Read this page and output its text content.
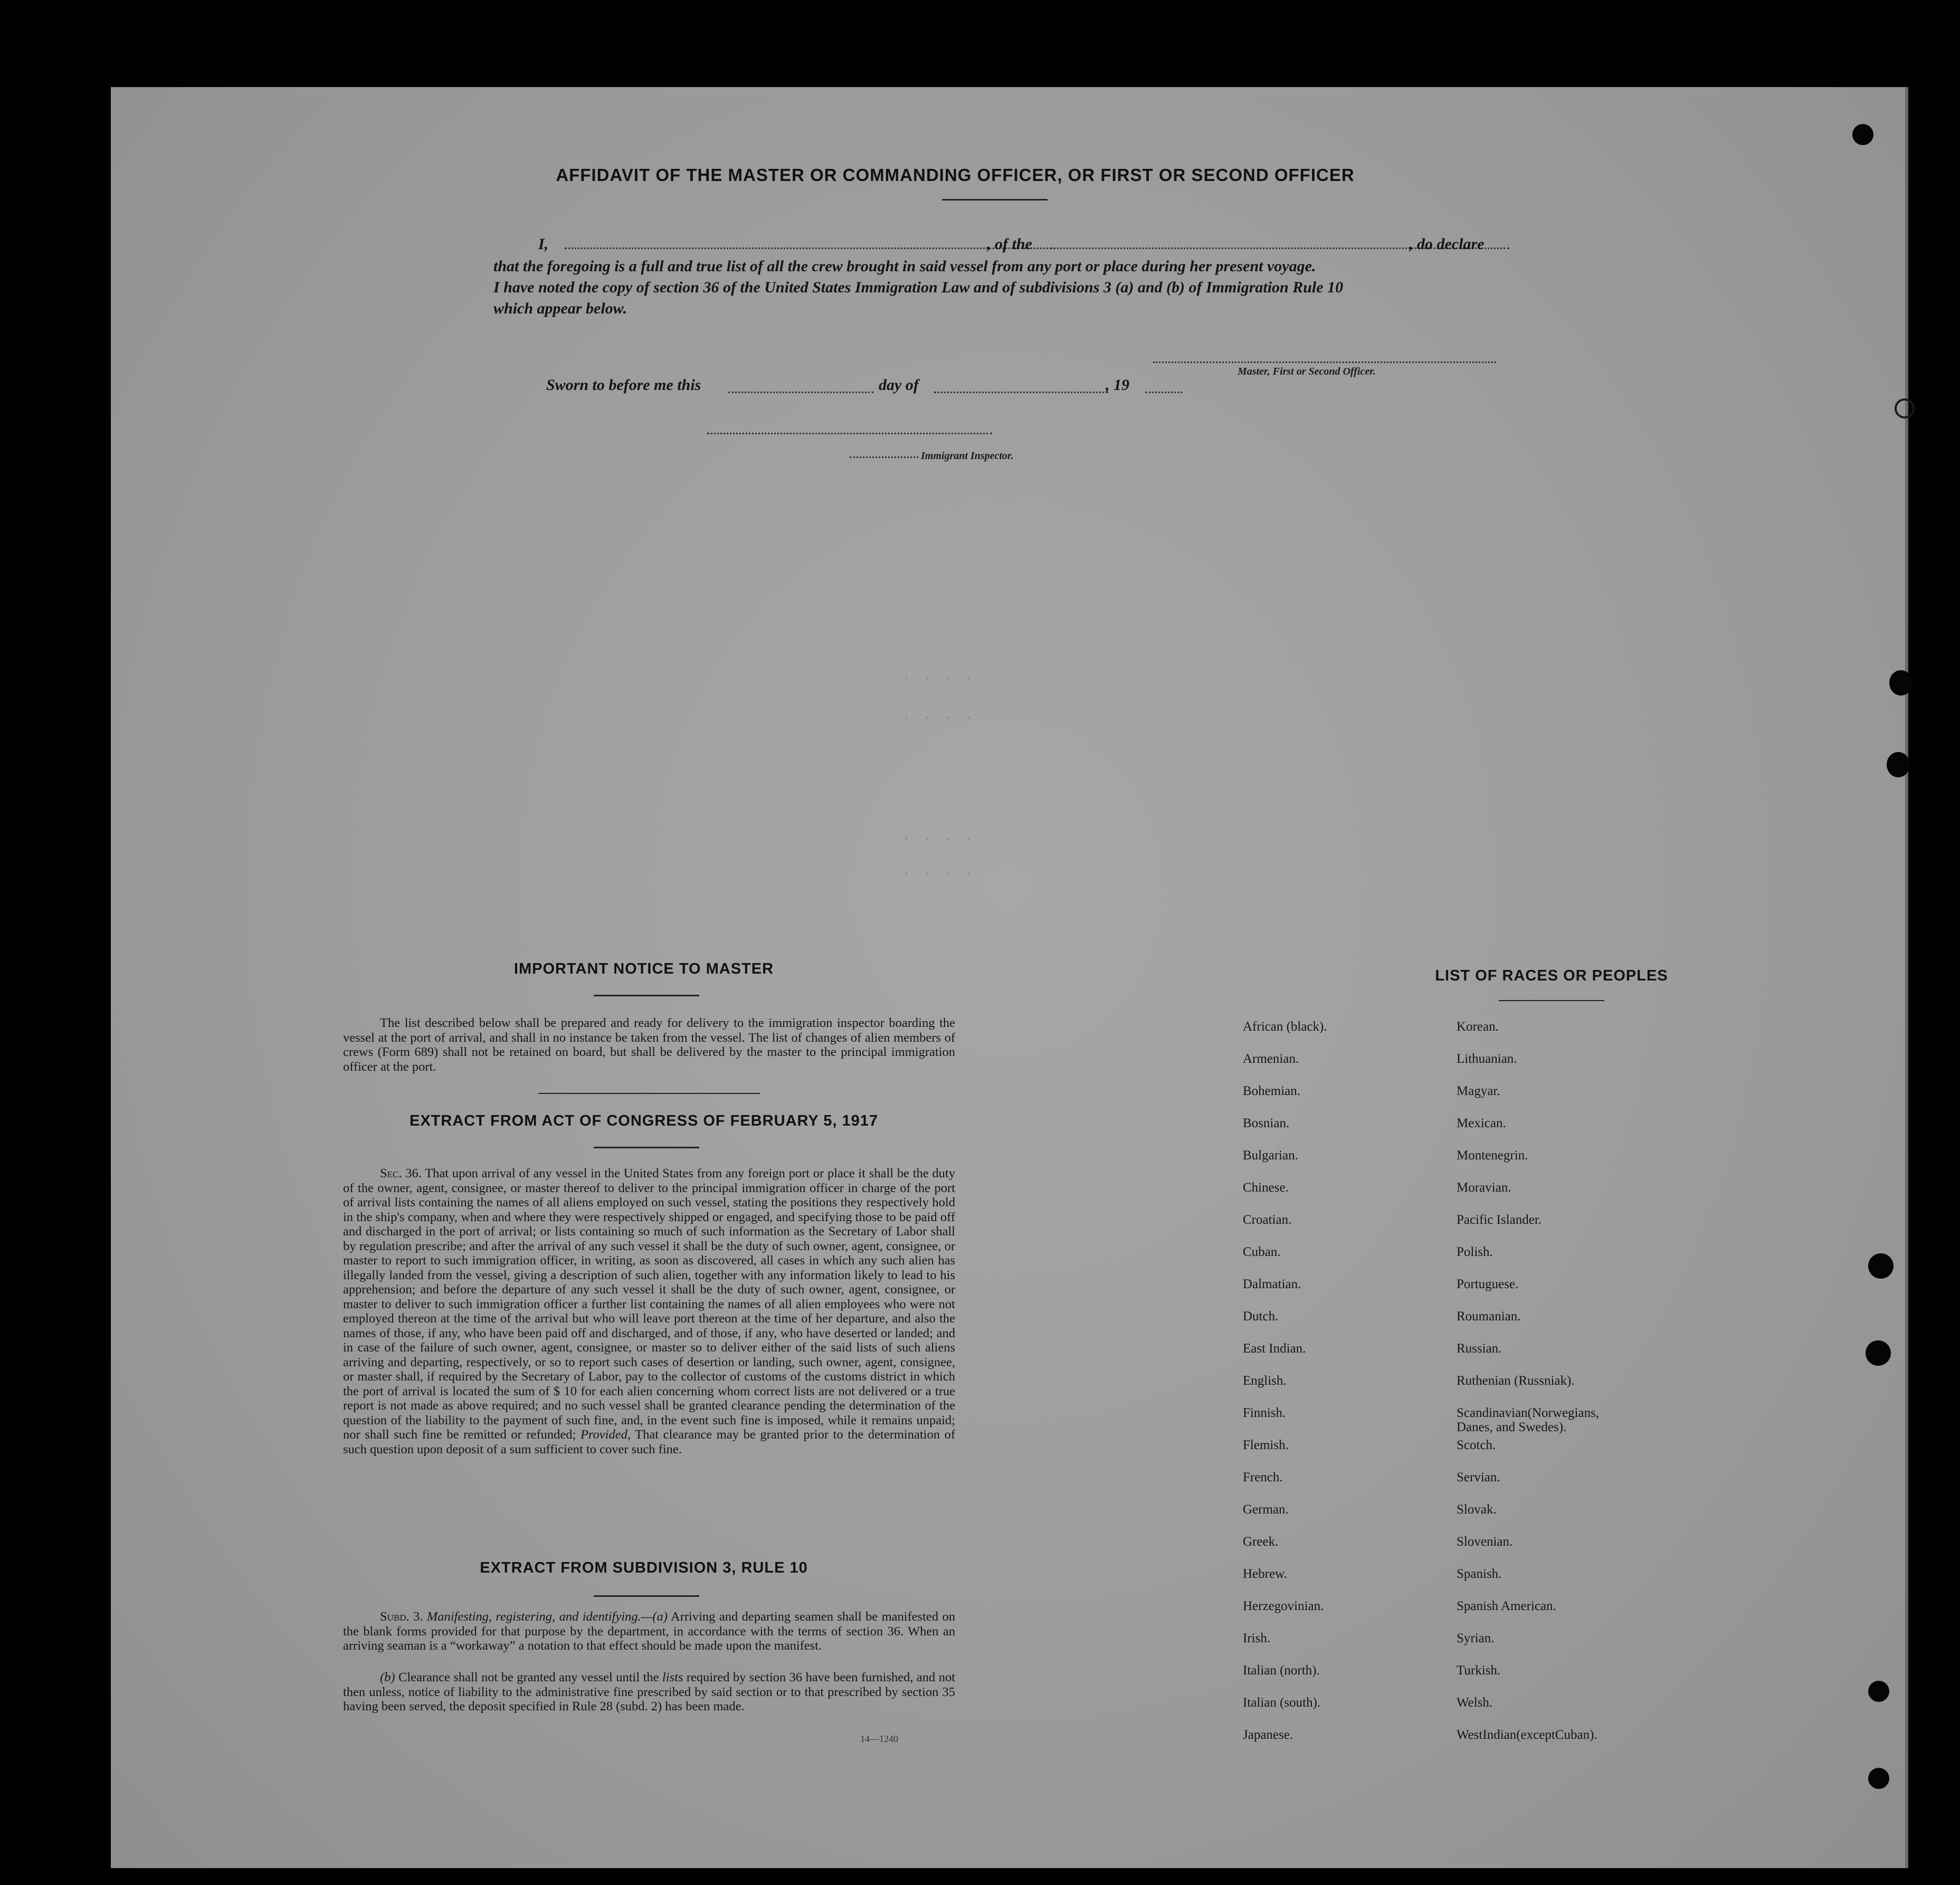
. . . .
. . . .
. . . .
. . . .
AFFIDAVIT OF THE MASTER OR COMMANDING OFFICER, OR FIRST OR SECOND OFFICER
I,	, of the	, do declare
that the foregoing is a full and true list of all the crew brought in said vessel from any port or place during her present voyage.
I have noted the copy of section 36 of the United States Immigration Law and of subdivisions 3 (a) and (b) of Immigration Rule 10
which appear below.
Master, First or Second Officer.
Sworn to before me this	day of	, 19
Immigrant Inspector.
IMPORTANT NOTICE TO MASTER
The list described below shall be prepared and ready for delivery to the immigration inspector boarding the vessel at the port of arrival, and shall in no instance be taken from the vessel. The list of changes of alien members of crews (Form 689) shall not be retained on board, but shall be delivered by the master to the principal immigration officer at the port.
EXTRACT FROM ACT OF CONGRESS OF FEBRUARY 5, 1917
Sec. 36. That upon arrival of any vessel in the United States from any foreign port or place it shall be the duty of the owner, agent, consignee, or master thereof to deliver to the principal immigration officer in charge of the port of arrival lists containing the names of all aliens employed on such vessel, stating the positions they respectively hold in the ship's company, when and where they were respectively shipped or engaged, and specifying those to be paid off and discharged in the port of arrival; or lists containing so much of such information as the Secretary of Labor shall by regulation prescribe; and after the arrival of any such vessel it shall be the duty of such owner, agent, consignee, or master to report to such immigration officer, in writing, as soon as discovered, all cases in which any such alien has illegally landed from the vessel, giving a description of such alien, together with any information likely to lead to his apprehension; and before the departure of any such vessel it shall be the duty of such owner, agent, consignee, or master to deliver to such immigration officer a further list containing the names of all alien employees who were not employed thereon at the time of the arrival but who will leave port thereon at the time of her departure, and also the names of those, if any, who have been paid off and discharged, and of those, if any, who have deserted or landed; and in case of the failure of such owner, agent, consignee, or master so to deliver either of the said lists of such aliens arriving and departing, respectively, or so to report such cases of desertion or landing, such owner, agent, consignee, or master shall, if required by the Secretary of Labor, pay to the collector of customs of the customs district in which the port of arrival is located the sum of $ 10 for each alien concerning whom correct lists are not delivered or a true report is not made as above required; and no such vessel shall be granted clearance pending the determination of the question of the liability to the payment of such fine, and, in the event such fine is imposed, while it remains unpaid; nor shall such fine be remitted or refunded; Provided, That clearance may be granted prior to the determination of such question upon deposit of a sum sufficient to cover such fine.
EXTRACT FROM SUBDIVISION 3, RULE 10
Subd. 3. Manifesting, registering, and identifying.—(a) Arriving and departing seamen shall be manifested on the blank forms provided for that purpose by the department, in accordance with the terms of section 36. When an arriving seaman is a “workaway” a notation to that effect should be made upon the manifest.
(b) Clearance shall not be granted any vessel until the lists required by section 36 have been furnished, and not then unless, notice of liability to the administrative fine prescribed by said section or to that prescribed by section 35 having been served, the deposit specified in Rule 28 (subd. 2) has been made.
14—1240
LIST OF RACES OR PEOPLES
African (black).
Armenian.
Bohemian.
Bosnian.
Bulgarian.
Chinese.
Croatian.
Cuban.
Dalmatian.
Dutch.
East Indian.
English.
Finnish.
Flemish.
French.
German.
Greek.
Hebrew.
Herzegovinian.
Irish.
Italian (north).
Italian (south).
Japanese.
Korean.
Lithuanian.
Magyar.
Mexican.
Montenegrin.
Moravian.
Pacific Islander.
Polish.
Portuguese.
Roumanian.
Russian.
Ruthenian (Russniak).
Scandinavian(Norwegians,
Danes, and Swedes).
Scotch.
Servian.
Slovak.
Slovenian.
Spanish.
Spanish American.
Syrian.
Turkish.
Welsh.
WestIndian(exceptCuban).
